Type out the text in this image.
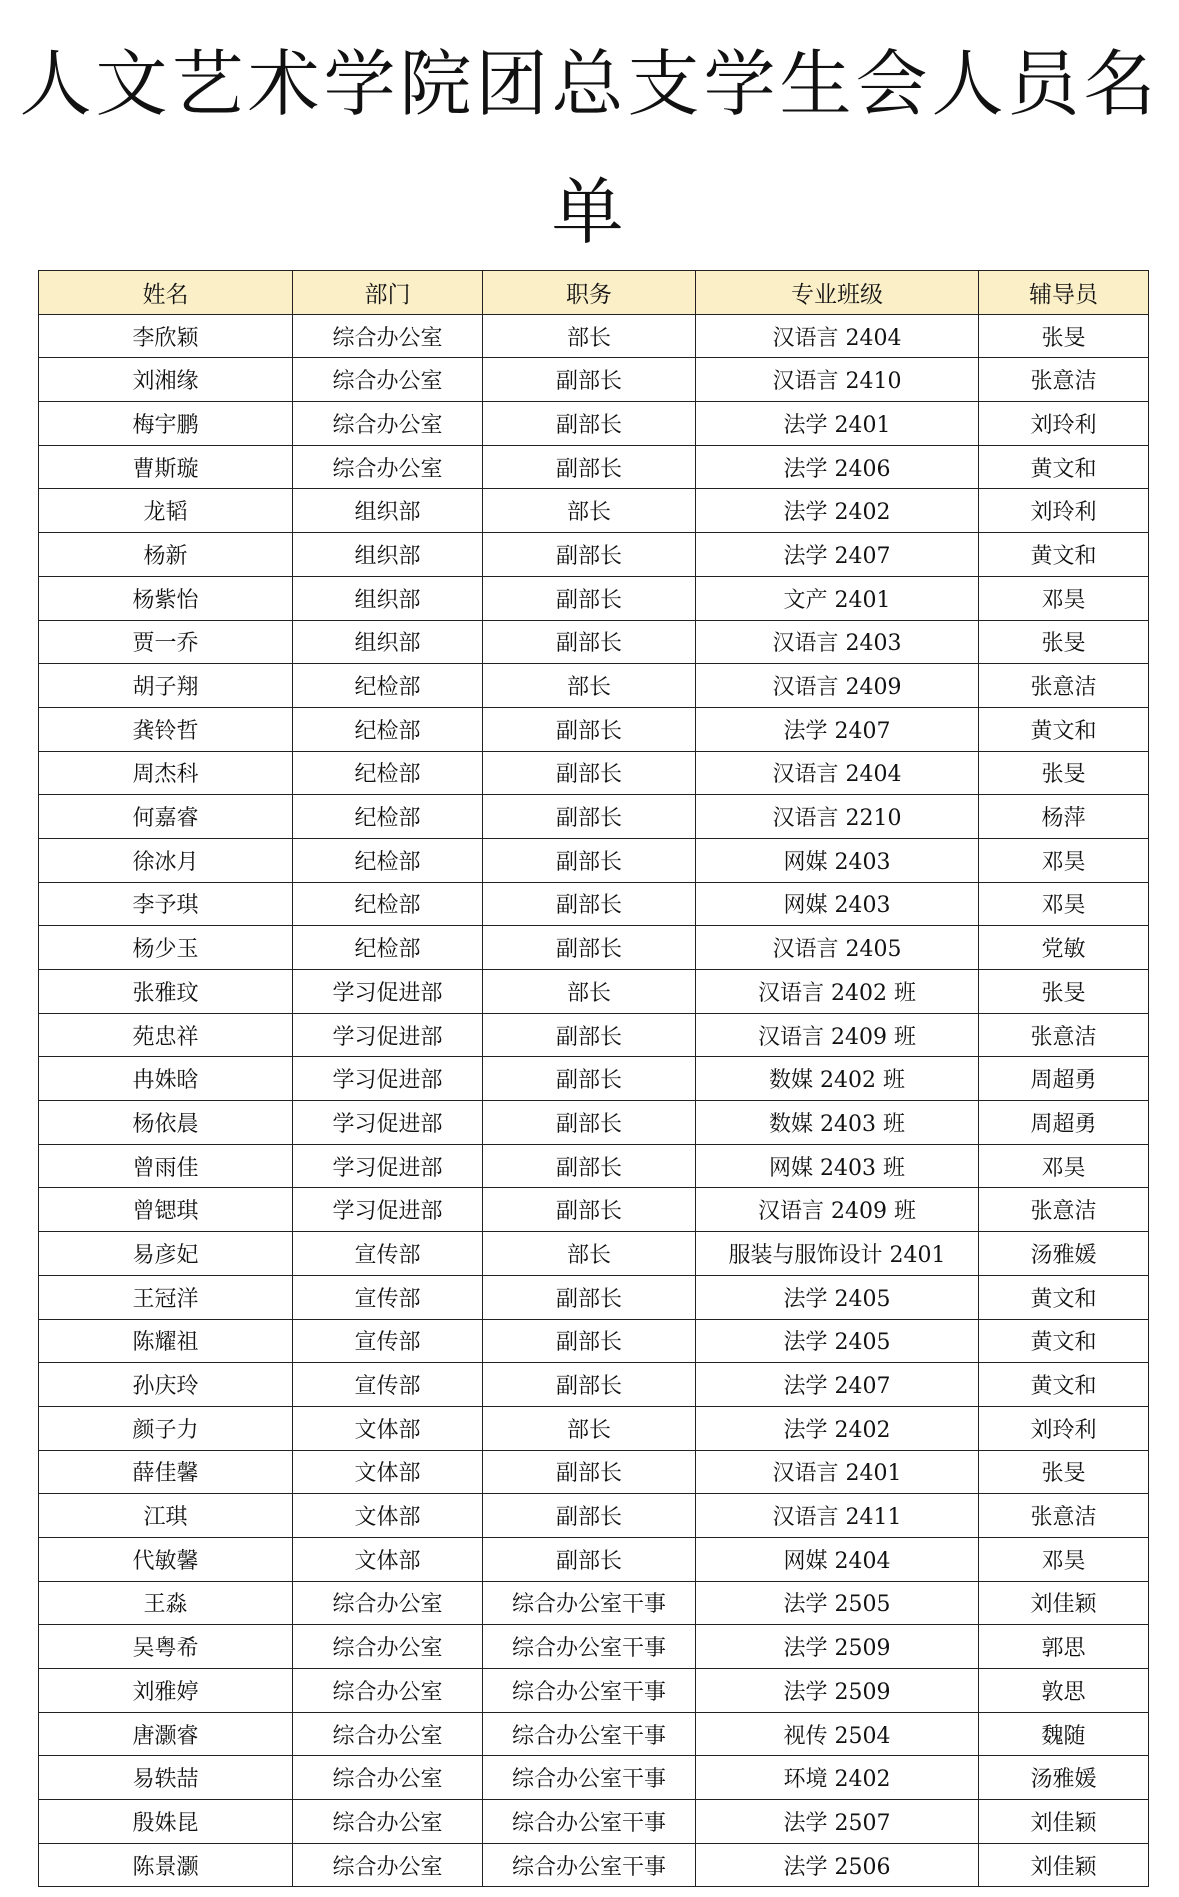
人文艺术学院团总支学生会人员名
单
姓名	部门	职务	专业班级	辅导员
李欣颖	综合办公室	部长	汉语言 2404	张旻
刘湘缘	综合办公室	副部长	汉语言 2410	张意洁
梅宇鹏	综合办公室	副部长	法学 2401	刘玲利
曹斯璇	综合办公室	副部长	法学 2406	黄文和
龙韬	组织部	部长	法学 2402	刘玲利
杨新	组织部	副部长	法学 2407	黄文和
杨紫怡	组织部	副部长	文产 2401	邓昊
贾一乔	组织部	副部长	汉语言 2403	张旻
胡子翔	纪检部	部长	汉语言 2409	张意洁
龚铃哲	纪检部	副部长	法学 2407	黄文和
周杰科	纪检部	副部长	汉语言 2404	张旻
何嘉睿	纪检部	副部长	汉语言 2210	杨萍
徐冰月	纪检部	副部长	网媒 2403	邓昊
李予琪	纪检部	副部长	网媒 2403	邓昊
杨少玉	纪检部	副部长	汉语言 2405	党敏
张雅玟	学习促进部	部长	汉语言 2402 班	张旻
苑忠祥	学习促进部	副部长	汉语言 2409 班	张意洁
冉姝晗	学习促进部	副部长	数媒 2402 班	周超勇
杨依晨	学习促进部	副部长	数媒 2403 班	周超勇
曾雨佳	学习促进部	副部长	网媒 2403 班	邓昊
曾锶琪	学习促进部	副部长	汉语言 2409 班	张意洁
易彦妃	宣传部	部长	服装与服饰设计 2401	汤雅媛
王冠洋	宣传部	副部长	法学 2405	黄文和
陈耀祖	宣传部	副部长	法学 2405	黄文和
孙庆玲	宣传部	副部长	法学 2407	黄文和
颜子力	文体部	部长	法学 2402	刘玲利
薛佳馨	文体部	副部长	汉语言 2401	张旻
江琪	文体部	副部长	汉语言 2411	张意洁
代敏馨	文体部	副部长	网媒 2404	邓昊
王淼	综合办公室	综合办公室干事	法学 2505	刘佳颖
吴粤希	综合办公室	综合办公室干事	法学 2509	郭思
刘雅婷	综合办公室	综合办公室干事	法学 2509	敦思
唐灏睿	综合办公室	综合办公室干事	视传 2504	魏随
易轶喆	综合办公室	综合办公室干事	环境 2402	汤雅媛
殷姝昆	综合办公室	综合办公室干事	法学 2507	刘佳颖
陈景灏	综合办公室	综合办公室干事	法学 2506	刘佳颖
